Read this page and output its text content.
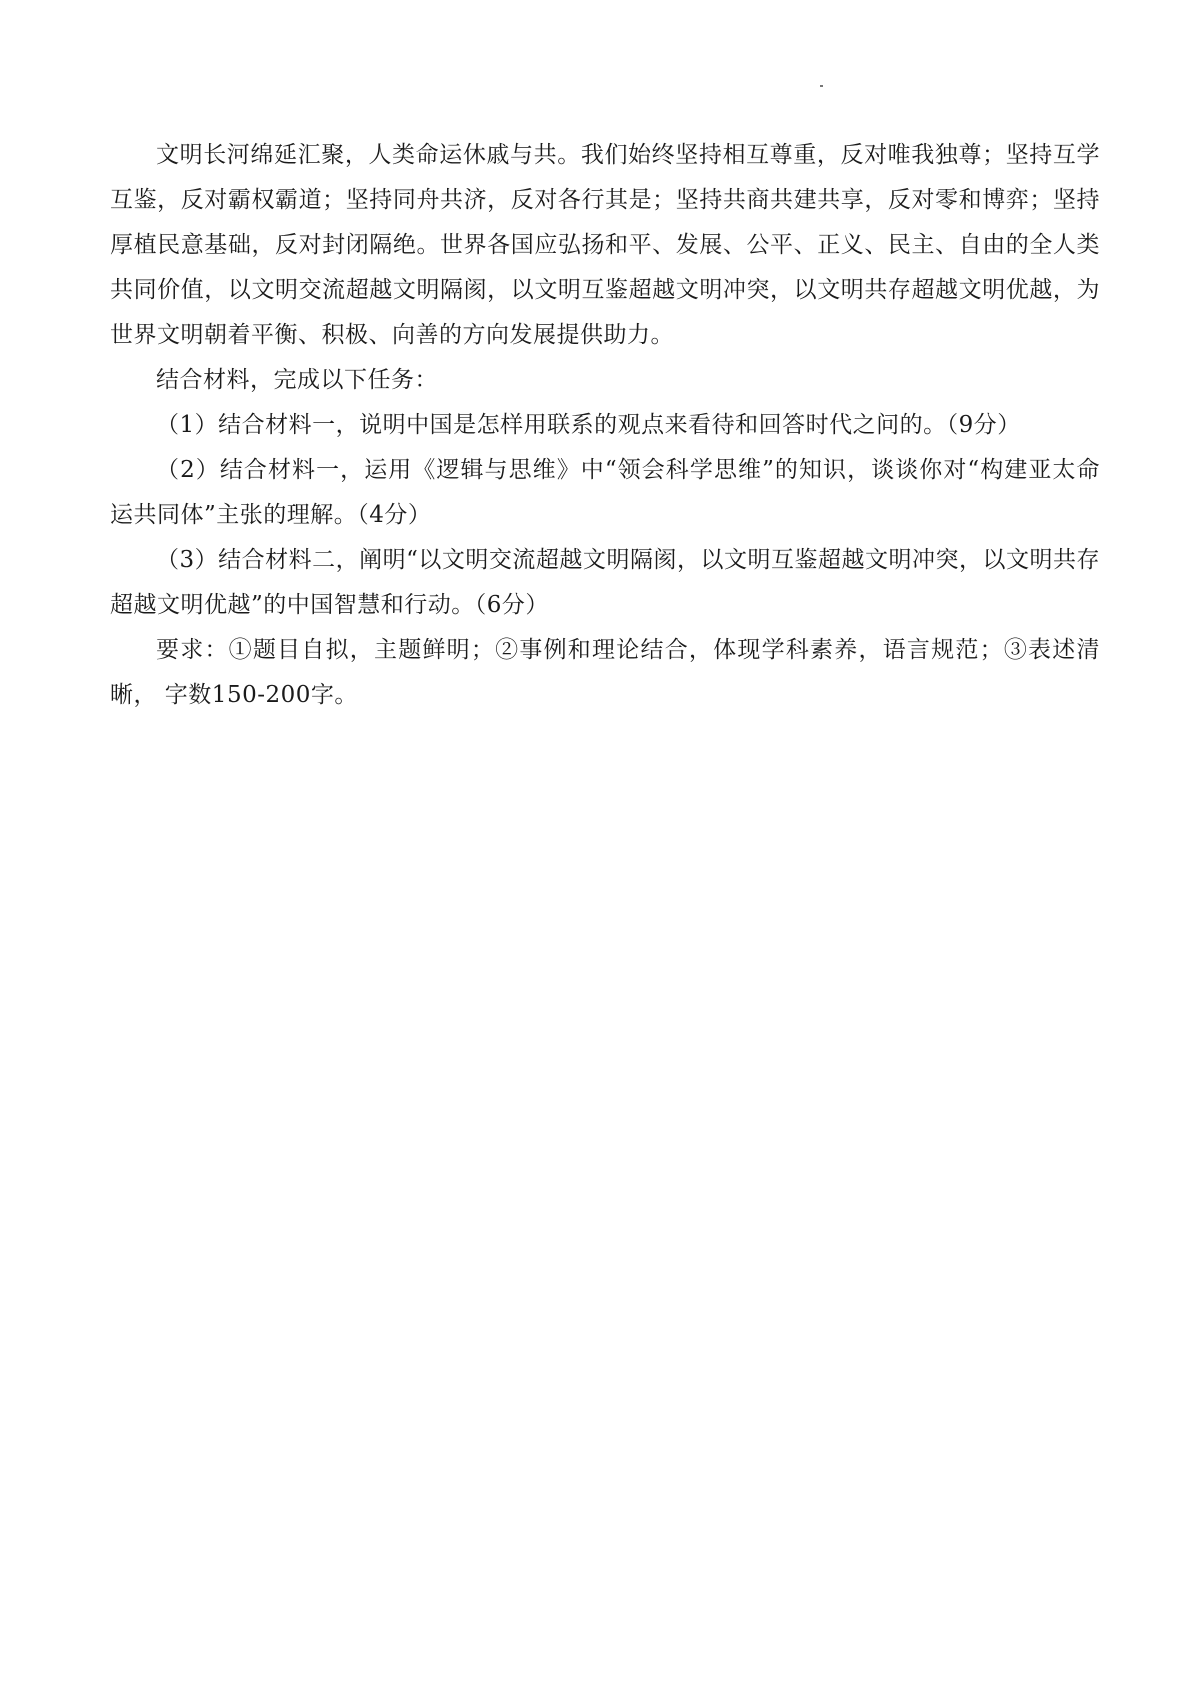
文明长河绵延汇聚，人类命运休戚与共。我们始终坚持相互尊重，反对唯我独尊；坚持互学互鉴，反对霸权霸道；坚持同舟共济，反对各行其是；坚持共商共建共享，反对零和博弈；坚持厚植民意基础，反对封闭隔绝。世界各国应弘扬和平、发展、公平、正义、民主、自由的全人类共同价值，以文明交流超越文明隔阂，以文明互鉴超越文明冲突，以文明共存超越文明优越，为世界文明朝着平衡、积极、向善的方向发展提供助力。

结合材料，完成以下任务：

（1）结合材料一，说明中国是怎样用联系的观点来看待和回答时代之问的。（9分）

（2）结合材料一，运用《逻辑与思维》中“领会科学思维”的知识，谈谈你对“构建亚太命运共同体”主张的理解。（4分）

（3）结合材料二，阐明“以文明交流超越文明隔阂，以文明互鉴超越文明冲突，以文明共存超越文明优越”的中国智慧和行动。（6分）

要求：①题目自拟，主题鲜明；②事例和理论结合，体现学科素养，语言规范；③表述清晰， 字数150-200字。
